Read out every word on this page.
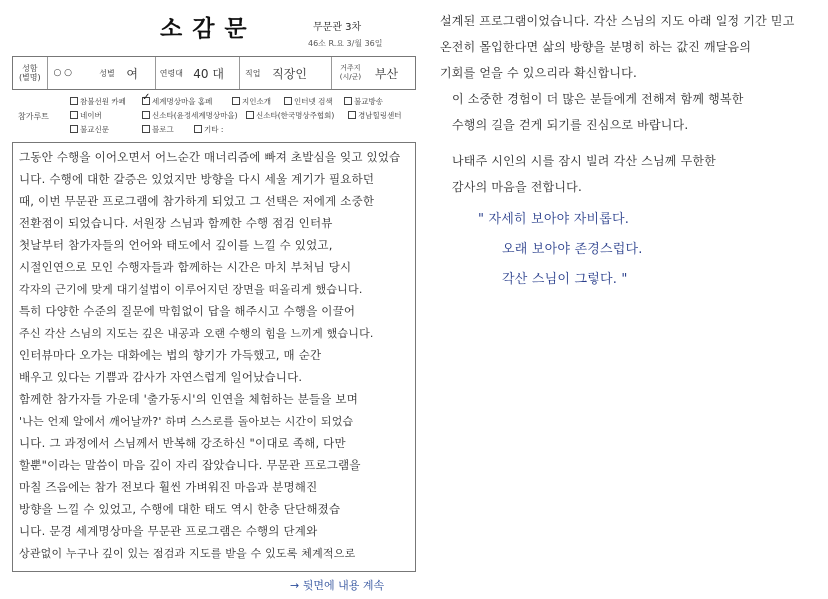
소감문	무문관 3차
46소 R.요 3/월 36일
성함(별명)	○ ○	성별 여	연령대 40 대	직업 직장인	거주지(시/군)	부산
참가루트
참불선원 카페
✓	세계명상마을 홈페	지인소개	인터넷 검색	불교방송
네이버	신소타(윤정세계명상마을)	신소타(한국명상주협회)	경남힐링센터
불교신문	블로그	기타 :
그동안 수행을 이어오면서 어느순간 매너리즘에 빠져 초발심을 잊고 있었습
니다. 수행에 대한 갈증은 있었지만 방향을 다시 세울 계기가 필요하던
때, 이번 무문관 프로그램에 참가하게 되었고 그 선택은 저에게 소중한
전환점이 되었습니다. 서원장 스님과 함께한 수행 점검 인터뷰
첫날부터 참가자들의 언어와 태도에서 깊이를 느낄 수 있었고,
시절인연으로 모인 수행자들과 함께하는 시간은 마치 부처님 당시
각자의 근기에 맞게 대기설법이 이루어지던 장면을 떠올리게 했습니다.
특히 다양한 수준의 질문에 막힘없이 답을 해주시고 수행을 이끌어
주신 각산 스님의 지도는 깊은 내공과 오랜 수행의 힘을 느끼게 했습니다.
인터뷰마다 오가는 대화에는 법의 향기가 가득했고, 매 순간
배우고 있다는 기쁨과 감사가 자연스럽게 일어났습니다.
함께한 참가자들 가운데 '출가동시'의 인연을 체험하는 분들을 보며
'나는 언제 알에서 깨어날까?' 하며 스스로를 돌아보는 시간이 되었습
니다. 그 과정에서 스님께서 반복해 강조하신 "이대로 족해, 다만
할뿐"이라는 말씀이 마음 깊이 자리 잡았습니다. 무문관 프로그램을
마칠 즈음에는 참가 전보다 훨씬 가벼워진 마음과 분명해진
방향을 느낄 수 있었고, 수행에 대한 태도 역시 한층 단단해졌습
니다. 문경 세계명상마을 무문관 프로그램은 수행의 단계와
상관없이 누구나 깊이 있는 점검과 지도를 받을 수 있도록 체계적으로
→ 뒷면에 내용 계속
설계된 프로그램이었습니다. 각산 스님의 지도 아래 일정 기간 믿고
온전히 몰입한다면 삶의 방향을 분명히 하는 값진 깨달음의
기회를 얻을 수 있으리라 확신합니다.
이 소중한 경험이 더 많은 분들에게 전해져 함께 행복한
수행의 길을 걷게 되기를 진심으로 바랍니다.
나태주 시인의 시를 잠시 빌려 각산 스님께 무한한
감사의 마음을 전합니다.
" 자세히 보아야 자비롭다.
오래 보아야 존경스럽다.
각산 스님이 그렇다. "
